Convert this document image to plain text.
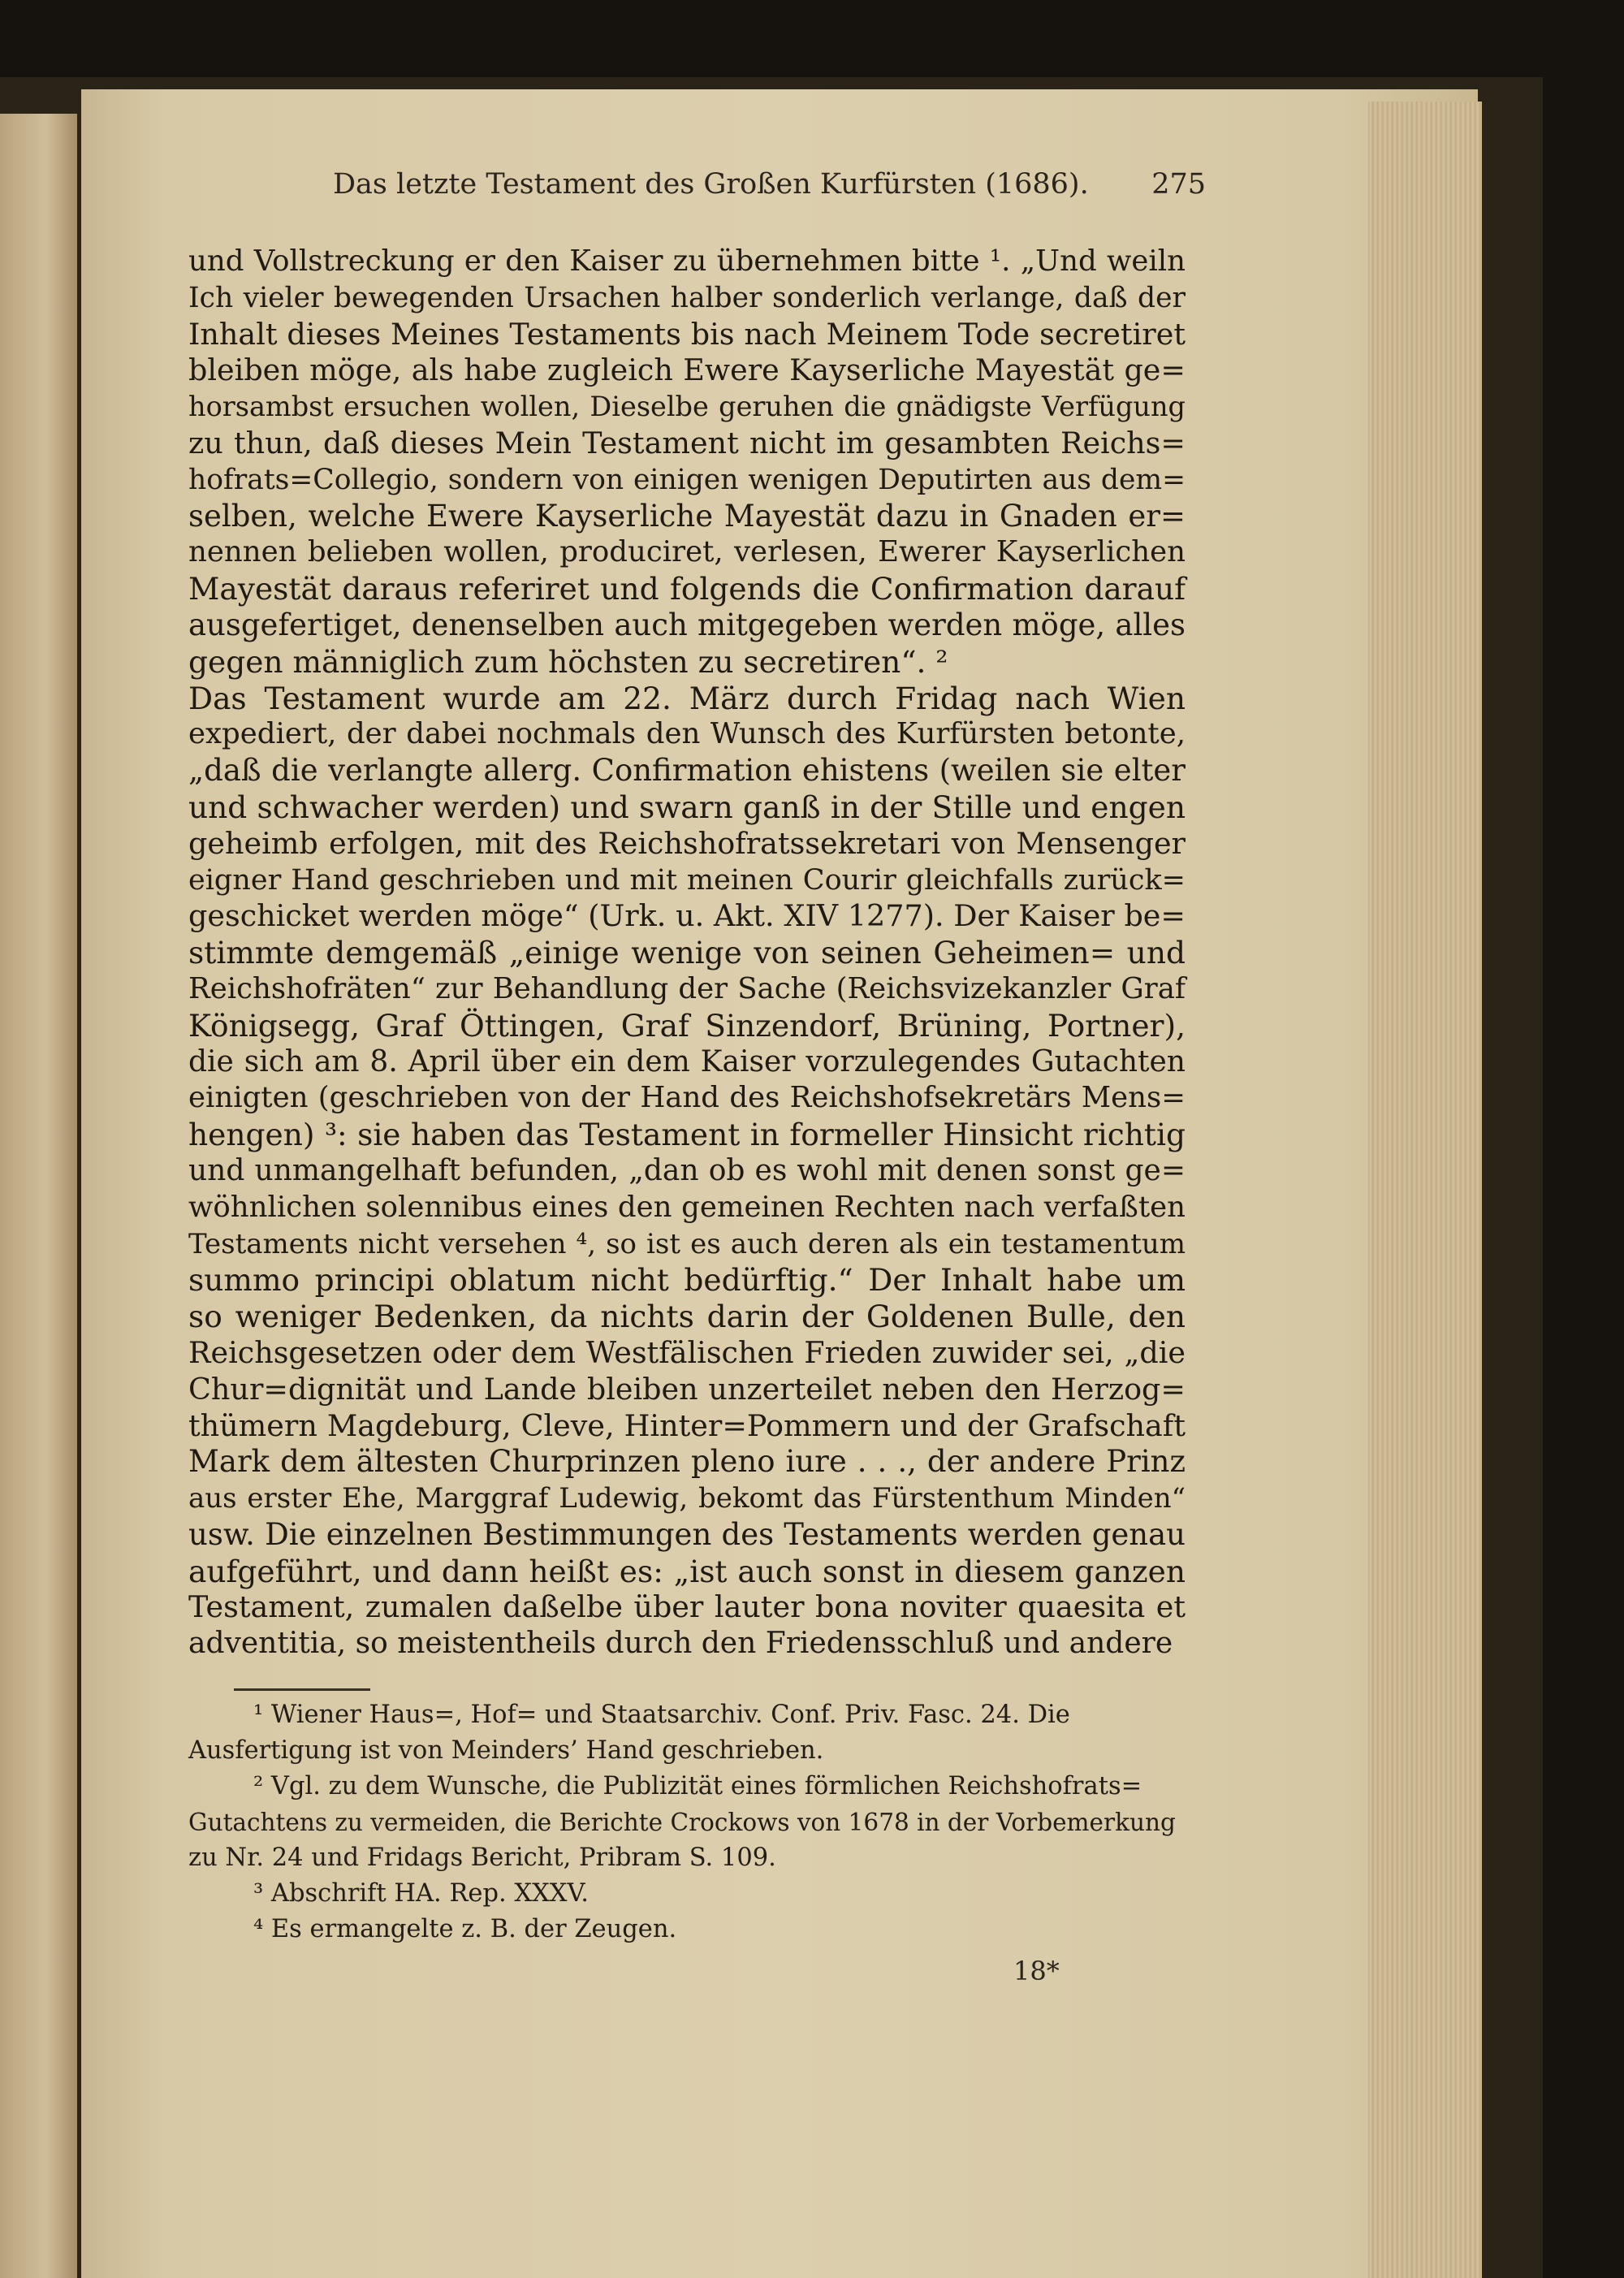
Das letzte Testament des Großen Kurfürsten (1686). 275
und Vollstreckung er den Kaiser zu übernehmen bitte ¹. „Und weiln
Ich vieler bewegenden Ursachen halber sonderlich verlange, daß der
Inhalt dieses Meines Testaments bis nach Meinem Tode secretiret
bleiben möge, als habe zugleich Ewere Kayserliche Mayestät ge=
horsambst ersuchen wollen, Dieselbe geruhen die gnädigste Verfügung
zu thun, daß dieses Mein Testament nicht im gesambten Reichs=
hofrats=Collegio, sondern von einigen wenigen Deputirten aus dem=
selben, welche Ewere Kayserliche Mayestät dazu in Gnaden er=
nennen belieben wollen, produciret, verlesen, Ewerer Kayserlichen
Mayestät daraus referiret und folgends die Confirmation darauf
ausgefertiget, denenselben auch mitgegeben werden möge, alles
gegen männiglich zum höchsten zu secretiren“. ²
Das Testament wurde am 22. März durch Fridag nach Wien
expediert, der dabei nochmals den Wunsch des Kurfürsten betonte,
„daß die verlangte allerg. Confirmation ehistens (weilen sie elter
und schwacher werden) und swarn ganß in der Stille und engen
geheimb erfolgen, mit des Reichshofratssekretari von Mensenger
eigner Hand geschrieben und mit meinen Courir gleichfalls zurück=
geschicket werden möge“ (Urk. u. Akt. XIV 1277). Der Kaiser be=
stimmte demgemäß „einige wenige von seinen Geheimen= und
Reichshofräten“ zur Behandlung der Sache (Reichsvizekanzler Graf
Königsegg, Graf Öttingen, Graf Sinzendorf, Brüning, Portner),
die sich am 8. April über ein dem Kaiser vorzulegendes Gutachten
einigten (geschrieben von der Hand des Reichshofsekretärs Mens=
hengen) ³: sie haben das Testament in formeller Hinsicht richtig
und unmangelhaft befunden, „dan ob es wohl mit denen sonst ge=
wöhnlichen solennibus eines den gemeinen Rechten nach verfaßten
Testaments nicht versehen ⁴, so ist es auch deren als ein testamentum
summo principi oblatum nicht bedürftig.“ Der Inhalt habe um
so weniger Bedenken, da nichts darin der Goldenen Bulle, den
Reichsgesetzen oder dem Westfälischen Frieden zuwider sei, „die
Chur=dignität und Lande bleiben unzerteilet neben den Herzog=
thümern Magdeburg, Cleve, Hinter=Pommern und der Grafschaft
Mark dem ältesten Churprinzen pleno iure . . ., der andere Prinz
aus erster Ehe, Marggraf Ludewig, bekomt das Fürstenthum Minden“
usw. Die einzelnen Bestimmungen des Testaments werden genau
aufgeführt, und dann heißt es: „ist auch sonst in diesem ganzen
Testament, zumalen daßelbe über lauter bona noviter quaesita et
adventitia, so meistentheils durch den Friedensschluß und andere
¹ Wiener Haus=, Hof= und Staatsarchiv. Conf. Priv. Fasc. 24. Die
Ausfertigung ist von Meinders’ Hand geschrieben.
² Vgl. zu dem Wunsche, die Publizität eines förmlichen Reichshofrats=
Gutachtens zu vermeiden, die Berichte Crockows von 1678 in der Vorbemerkung
zu Nr. 24 und Fridags Bericht, Pribram S. 109.
³ Abschrift HA. Rep. XXXV.
⁴ Es ermangelte z. B. der Zeugen.
18*
